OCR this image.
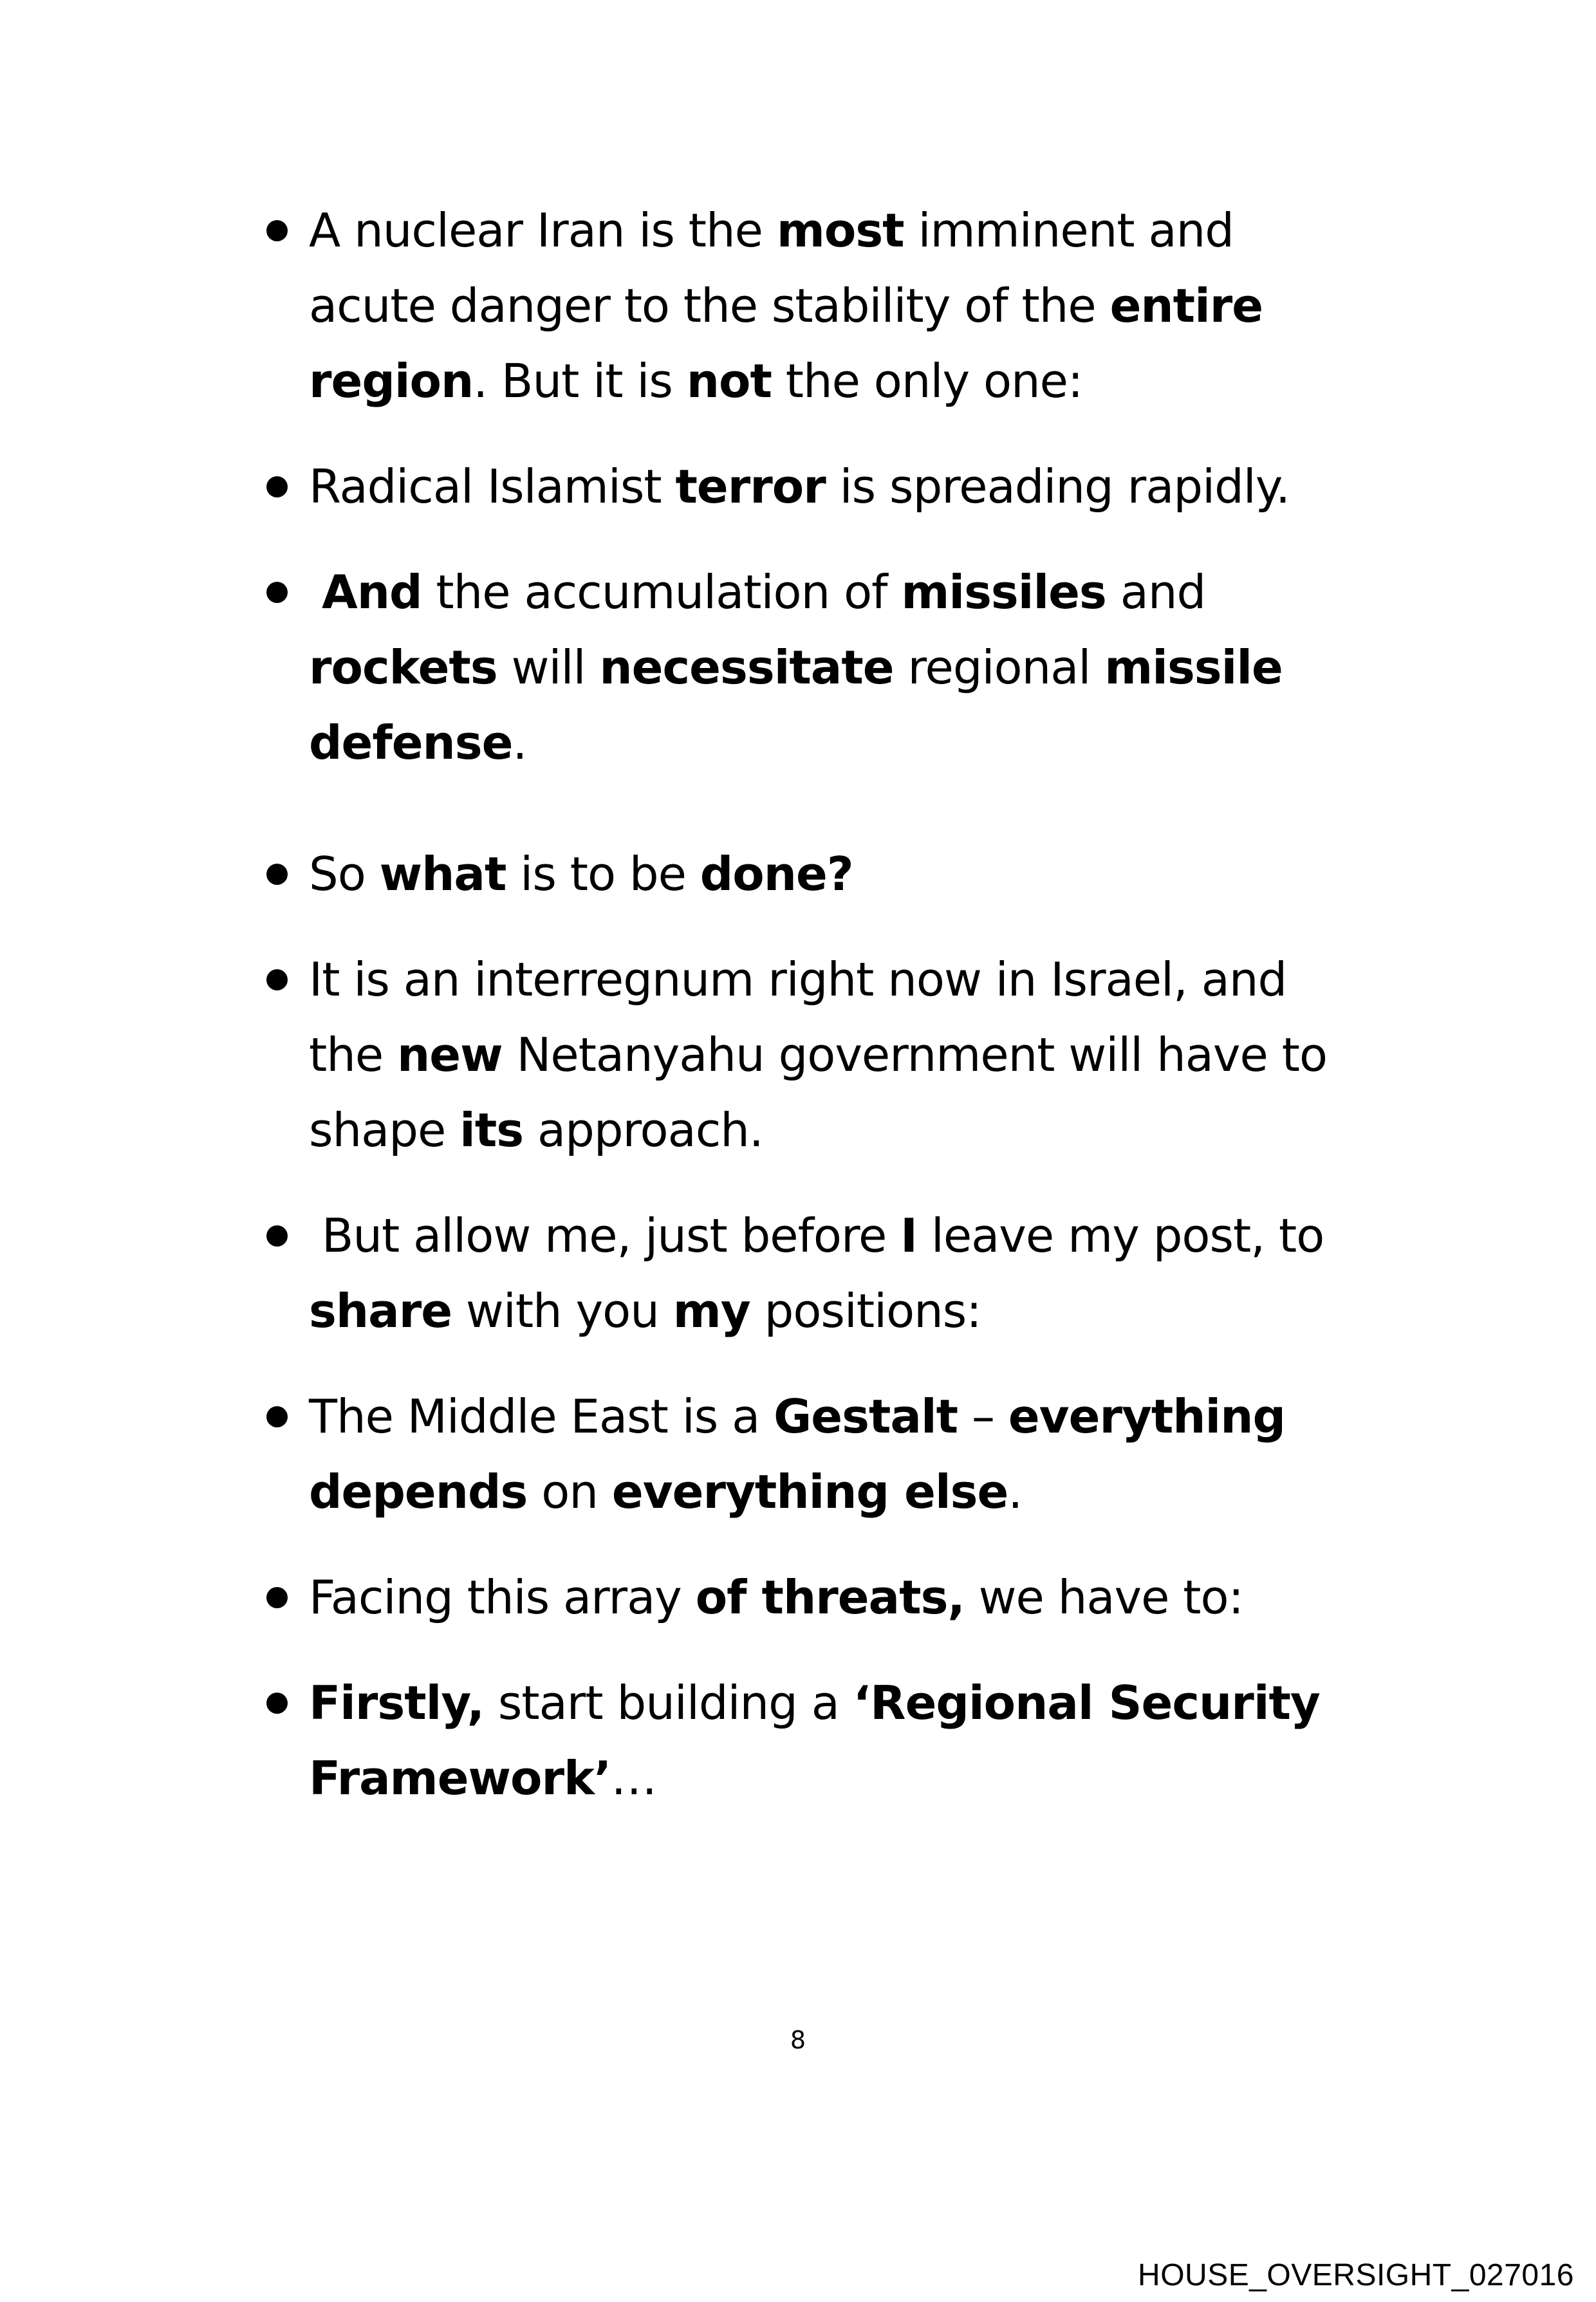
A nuclear Iran is the most imminent and acute danger to the stability of the entire region. But it is not the only one:
Radical Islamist terror is spreading rapidly.
And the accumulation of missiles and rockets will necessitate regional missile defense.
So what is to be done?
It is an interregnum right now in Israel, and the new Netanyahu government will have to shape its approach.
But allow me, just before I leave my post, to share with you my positions:
The Middle East is a Gestalt – everything depends on everything else.
Facing this array of threats, we have to:
Firstly, start building a ‘Regional Security Framework’…
8
HOUSE_OVERSIGHT_027016
